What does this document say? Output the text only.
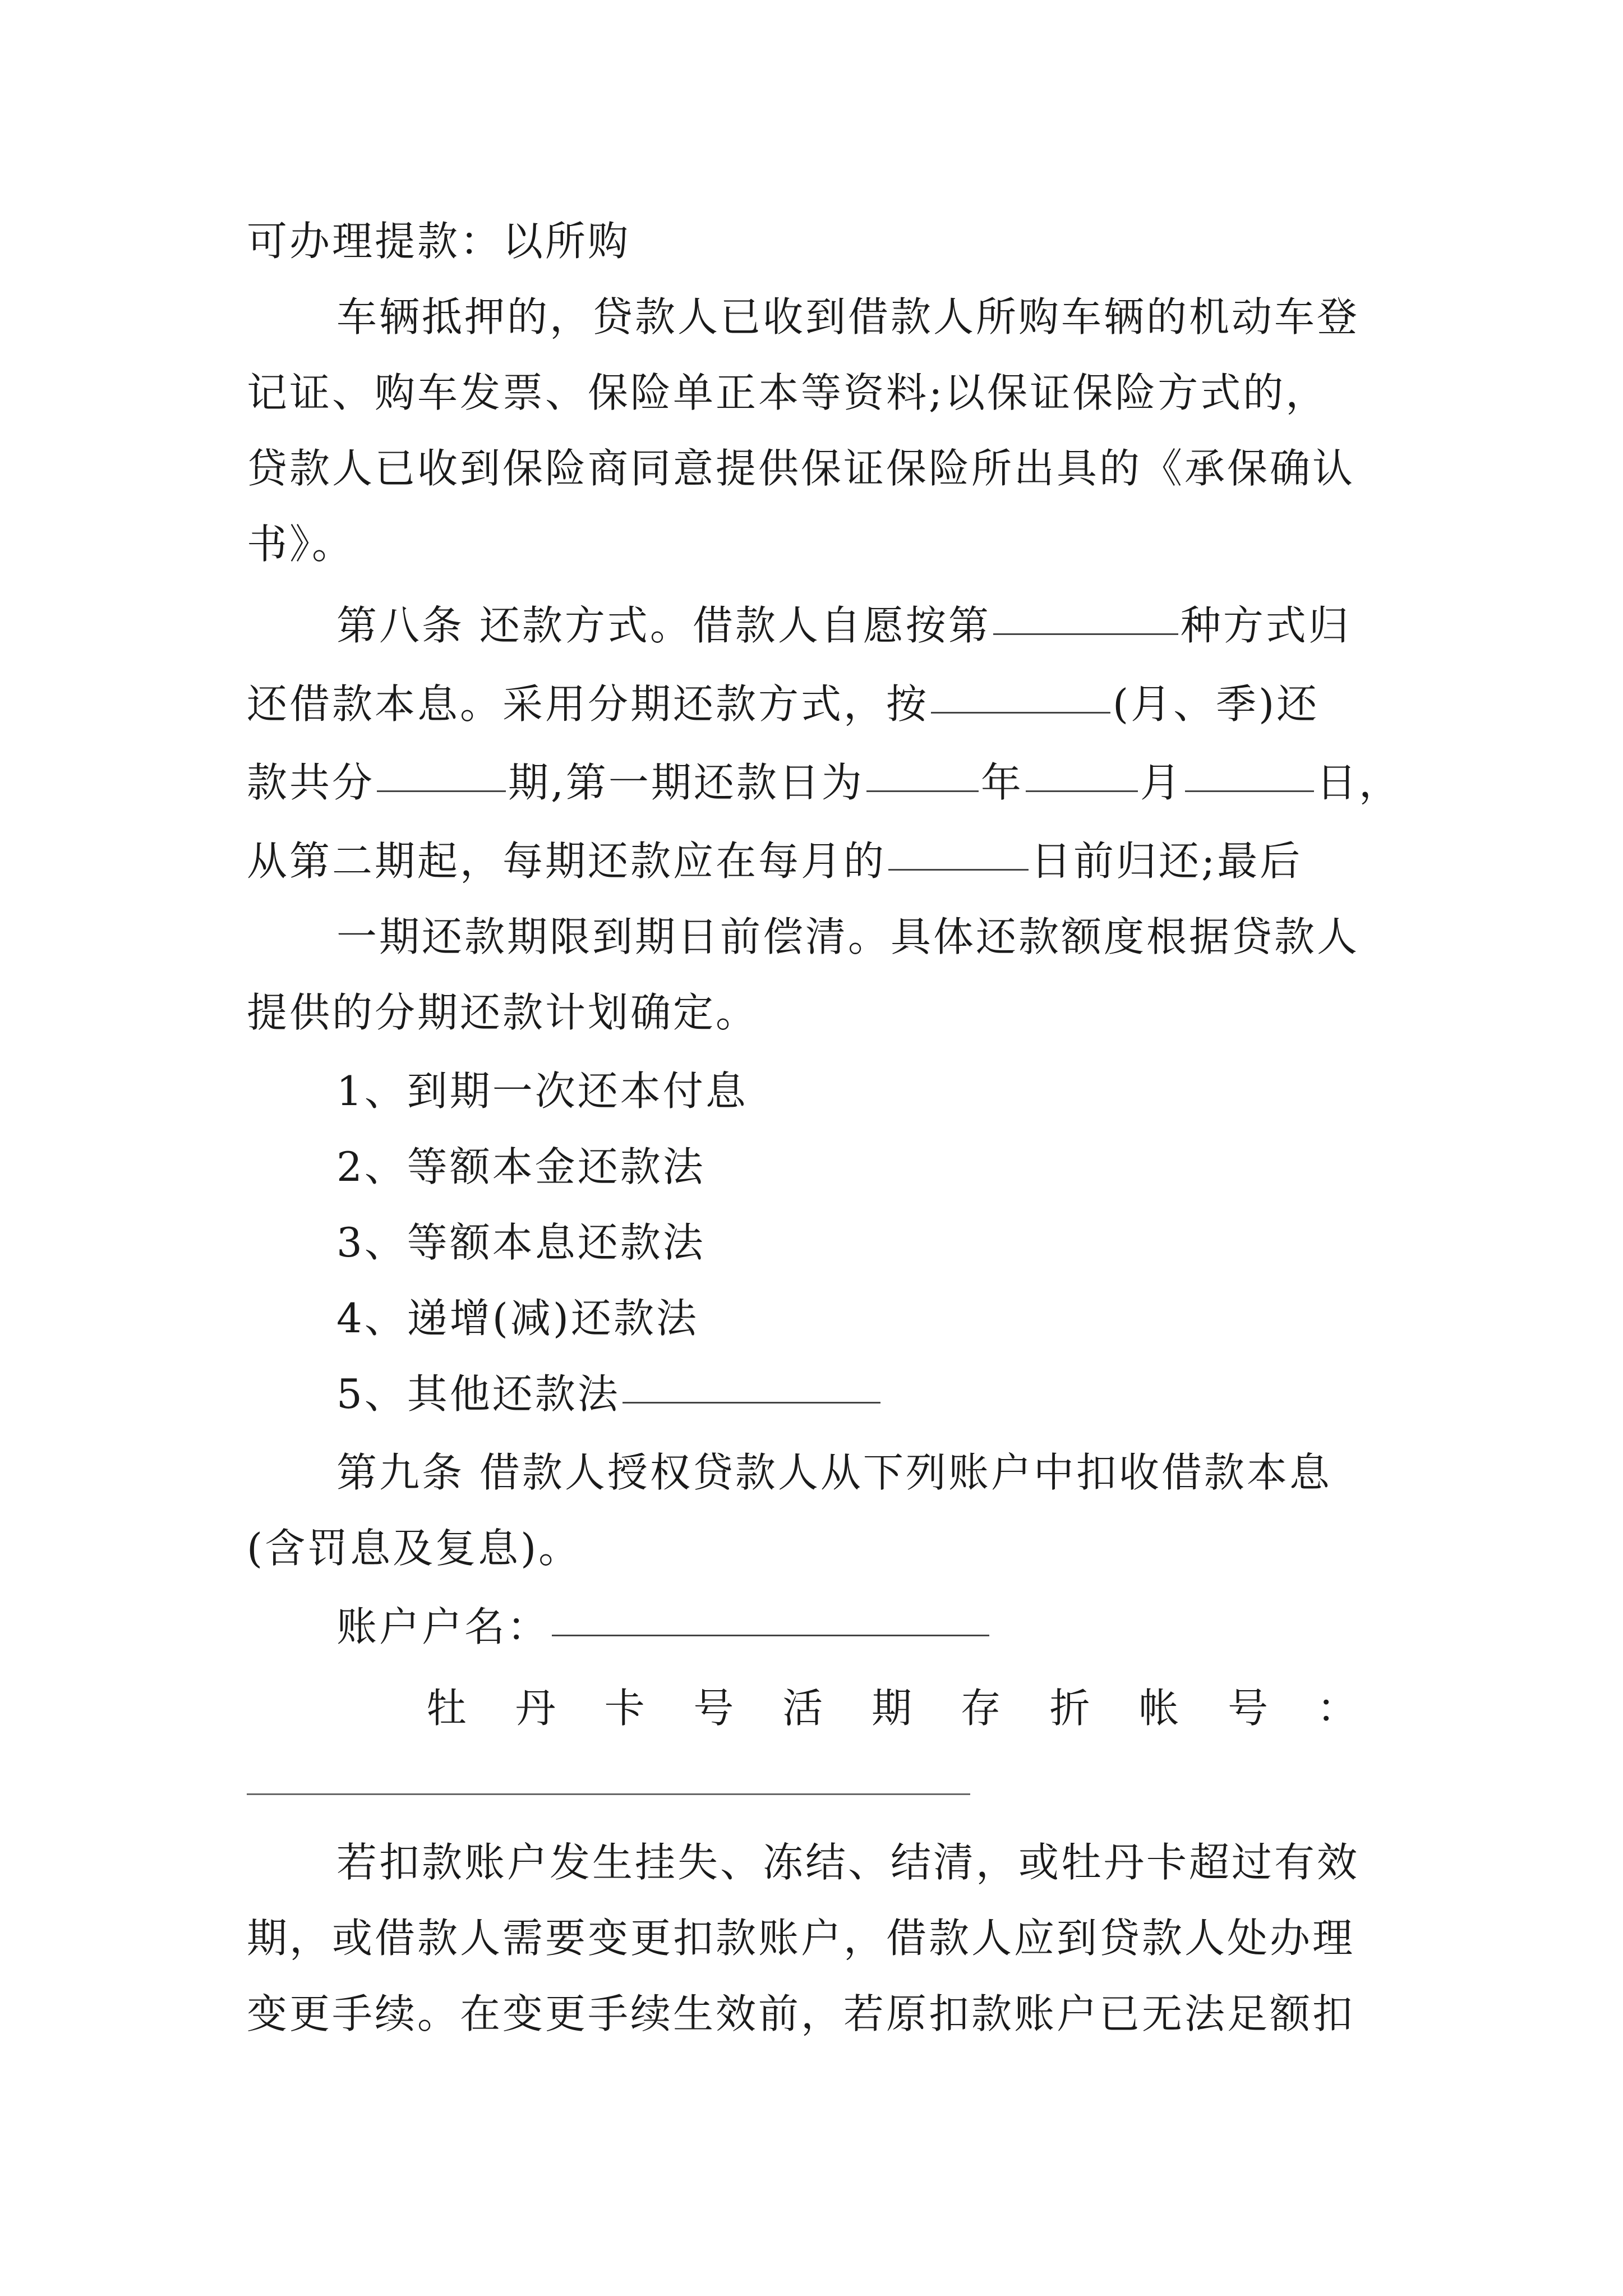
可办理提款：以所购
车辆抵押的，贷款人已收到借款人所购车辆的机动车登
记证、购车发票、保险单正本等资料;以保证保险方式的，
贷款人已收到保险商同意提供保证保险所出具的《承保确认
书》。
第八条 还款方式。借款人自愿按第	种方式归
还借款本息。采用分期还款方式，按	(月、季)还
款共分	期,第一期还款日为	年	月	日，
从第二期起，每期还款应在每月的	日前归还;最后
一期还款期限到期日前偿清。具体还款额度根据贷款人
提供的分期还款计划确定。
1、到期一次还本付息
2、等额本金还款法
3、等额本息还款法
4、递增(减)还款法
5、其他还款法
第九条 借款人授权贷款人从下列账户中扣收借款本息
(含罚息及复息)。
账户户名：
牡 丹 卡 号 活 期 存 折 帐 号 ：
若扣款账户发生挂失、冻结、结清，或牡丹卡超过有效
期，或借款人需要变更扣款账户，借款人应到贷款人处办理
变更手续。在变更手续生效前，若原扣款账户已无法足额扣
